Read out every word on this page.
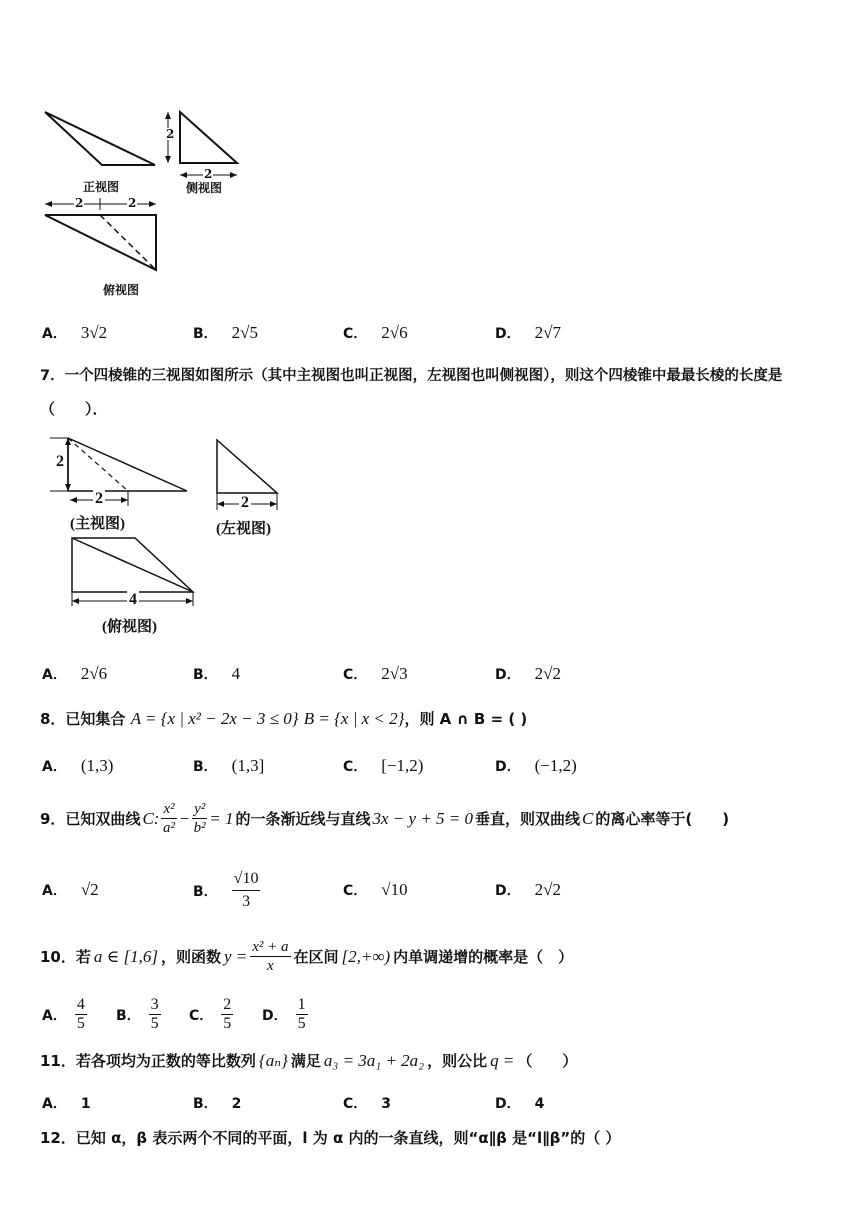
2
2
2	2
正视图	侧视图
俯视图
A． 3√2	B． 2√5	C． 2√6	D． 2√7
7．一个四棱锥的三视图如图所示（其中主视图也叫正视图，左视图也叫侧视图），则这个四棱锥中最最长棱的长度是
（　　）．
2
2	2
4
(主视图)	(左视图)
(俯视图)
A． 2√6	B． 4	C． 2√3	D． 2√2
8．已知集合 A = {x | x² − 2x − 3 ≤ 0} B = {x | x < 2}，则 A ∩ B = ( )
A． (1,3)	B． (1,3]	C． [−1,2)	D． (−1,2)
9．已知双曲线 C: $\frac{\text{x²}}{\text{a²}} - \frac{\text{y²}}{\text{b²}} = 1$ 的一条渐近线与直线 3x − y + 5 = 0 垂直，则双曲线 C 的离心率等于(　　)
A． √2	B． $\frac{√10}{3}$	C． √10	D． 2√2
10．若 a ∈ [1,6] ，则函数 $y = \frac{\text{x² + a}}{x}$ 在区间 [2,+∞) 内单调递增的概率是（　）
A． $\frac{4}{5}$ B． $\frac{3}{5}$ C． $\frac{2}{5}$ D． $\frac{1}{5}$
11．若各项均为正数的等比数列 {aₙ} 满足 a₃ = 3a₁ + 2a₂ ，则公比 q = （　　）
A． 1	B． 2	C． 3	D． 4
12．已知 α，β 表示两个不同的平面，l 为 α 内的一条直线，则“α∥β 是“l∥β”的（ ）
